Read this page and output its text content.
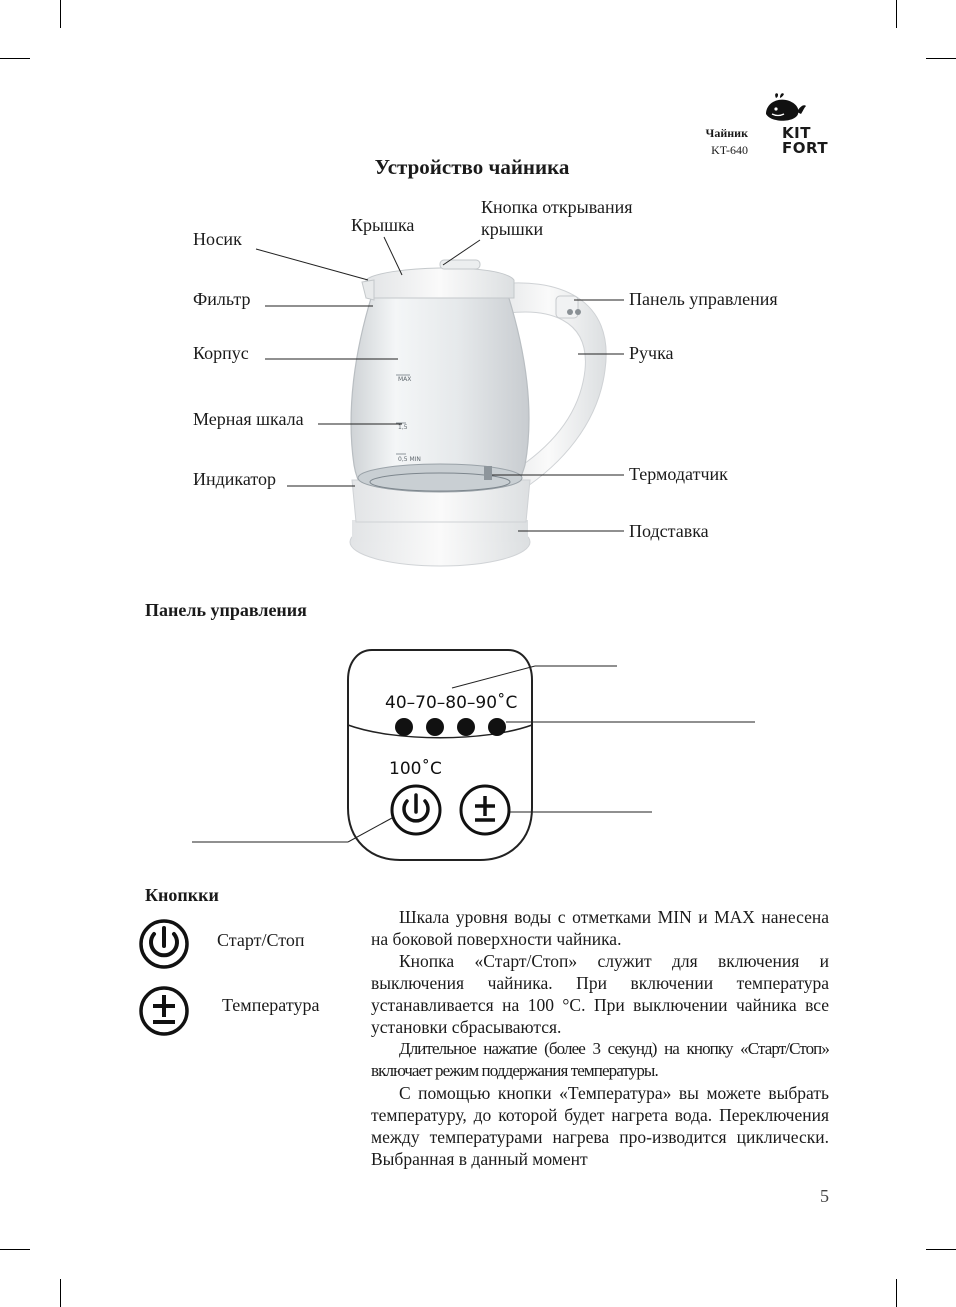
Чайник
KT-640
KIT
FORT
Устройство чайника
MAX
1,5
0,5 MIN
Носик
Крышка
Кнопка открывания
крышки
Фильтр	Панель управления
Корпус	Ручка
Мерная шкала
Индикатор	Термодатчик
Подставка
Панель управления
40–70–80–90˚C
100˚C
Кнопкки
Старт/Стоп
Температура

Шкала уровня воды с отметками MIN и MAX нанесена на боковой поверхности чайника.

Кнопка «Старт/Стоп» служит для включения и выключения чайника. При включении температура устанавливается на 100 °С. При выключении чайника все установки сбрасываются.

Длительное нажатие (более 3 секунд) на кнопку «Старт/Стоп» включает режим поддержания температуры.

С помощью кнопки «Температура» вы можете выбрать температуру, до которой будет нагрета вода. Переключения между температурами нагрева про-изводится циклически. Выбранная в данный момент

5
